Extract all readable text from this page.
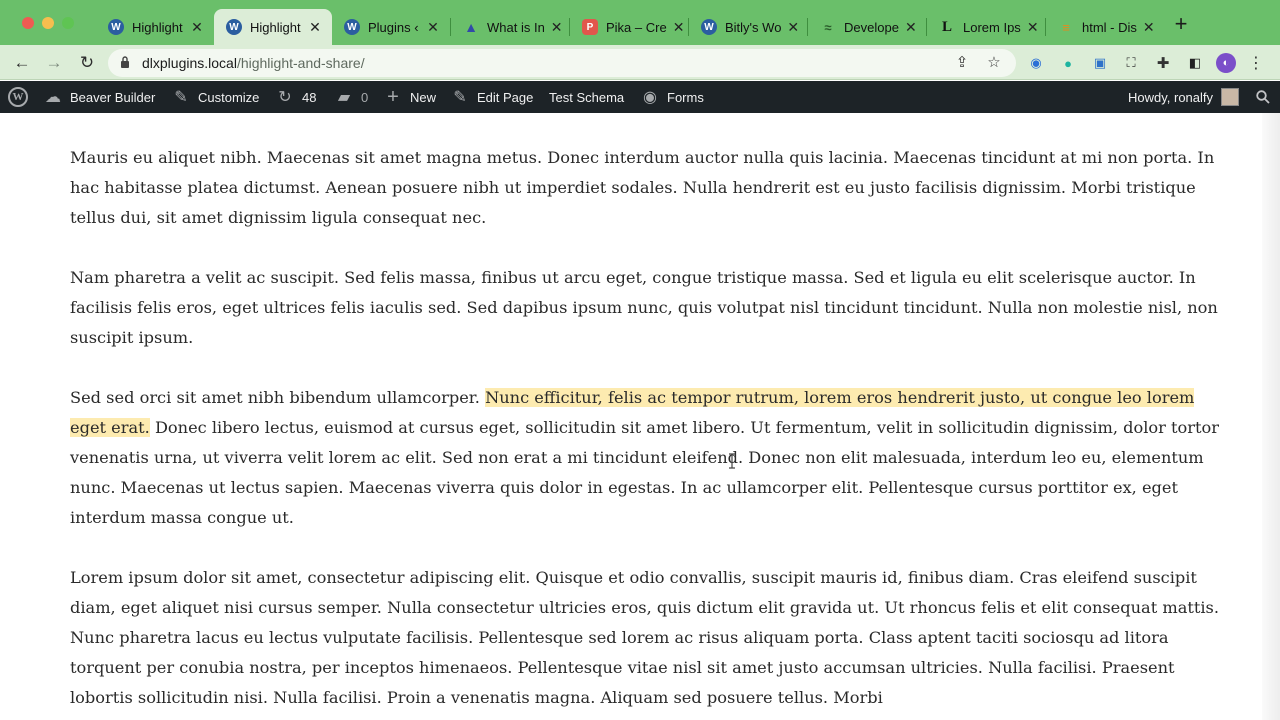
W Highlight ✕	W Highlight ✕	W Plugins ‹ ✕ ▲ What is In ✕	P Pika – Cre ✕	W Bitly's Wo ✕	≈ Develope ✕ L Lorem Ips ✕	≡ html - Dis ✕ +
← → ↻	dlxplugins.local/highlight-and-share/	⇪ ☆	◉	●	▣	⛶	✚ ◧	◐	⋮
W ☁ Beaver Builder ✎ Customize ↻ 48 ▰ 0 + New ✎ Edit Page Test Schema ◉ Forms	Howdy, ronalfy

Mauris eu aliquet nibh. Maecenas sit amet magna metus. Donec interdum auctor nulla quis lacinia. Maecenas tincidunt at mi non porta. In hac habitasse platea dictumst. Aenean posuere nibh ut imperdiet sodales. Nulla hendrerit est eu justo facilisis dignissim. Morbi tristique tellus dui, sit amet dignissim ligula consequat nec.

Nam pharetra a velit ac suscipit. Sed felis massa, finibus ut arcu eget, congue tristique massa. Sed et ligula eu elit scelerisque auctor. In facilisis felis eros, eget ultrices felis iaculis sed. Sed dapibus ipsum nunc, quis volutpat nisl tincidunt tincidunt. Nulla non molestie nisl, non suscipit ipsum.

Sed sed orci sit amet nibh bibendum ullamcorper. Nunc efficitur, felis ac tempor rutrum, lorem eros hendrerit justo, ut congue leo lorem eget erat. Donec libero lectus, euismod at cursus eget, sollicitudin sit amet libero. Ut fermentum, velit in sollicitudin dignissim, dolor tortor venenatis urna, ut viverra velit lorem ac elit. Sed non erat a mi tincidunt eleifend. Donec non elit malesuada, interdum leo eu, elementum nunc. Maecenas ut lectus sapien. Maecenas viverra quis dolor in egestas. In ac ullamcorper elit. Pellentesque cursus porttitor ex, eget interdum massa congue ut.

Lorem ipsum dolor sit amet, consectetur adipiscing elit. Quisque et odio convallis, suscipit mauris id, finibus diam. Cras eleifend suscipit diam, eget aliquet nisi cursus semper. Nulla consectetur ultricies eros, quis dictum elit gravida ut. Ut rhoncus felis et elit consequat mattis. Nunc pharetra lacus eu lectus vulputate facilisis. Pellentesque sed lorem ac risus aliquam porta. Class aptent taciti sociosqu ad litora torquent per conubia nostra, per inceptos himenaeos. Pellentesque vitae nisl sit amet justo accumsan ultricies. Nulla facilisi. Praesent lobortis sollicitudin nisi. Nulla facilisi. Proin a venenatis magna. Aliquam sed posuere tellus. Morbi
